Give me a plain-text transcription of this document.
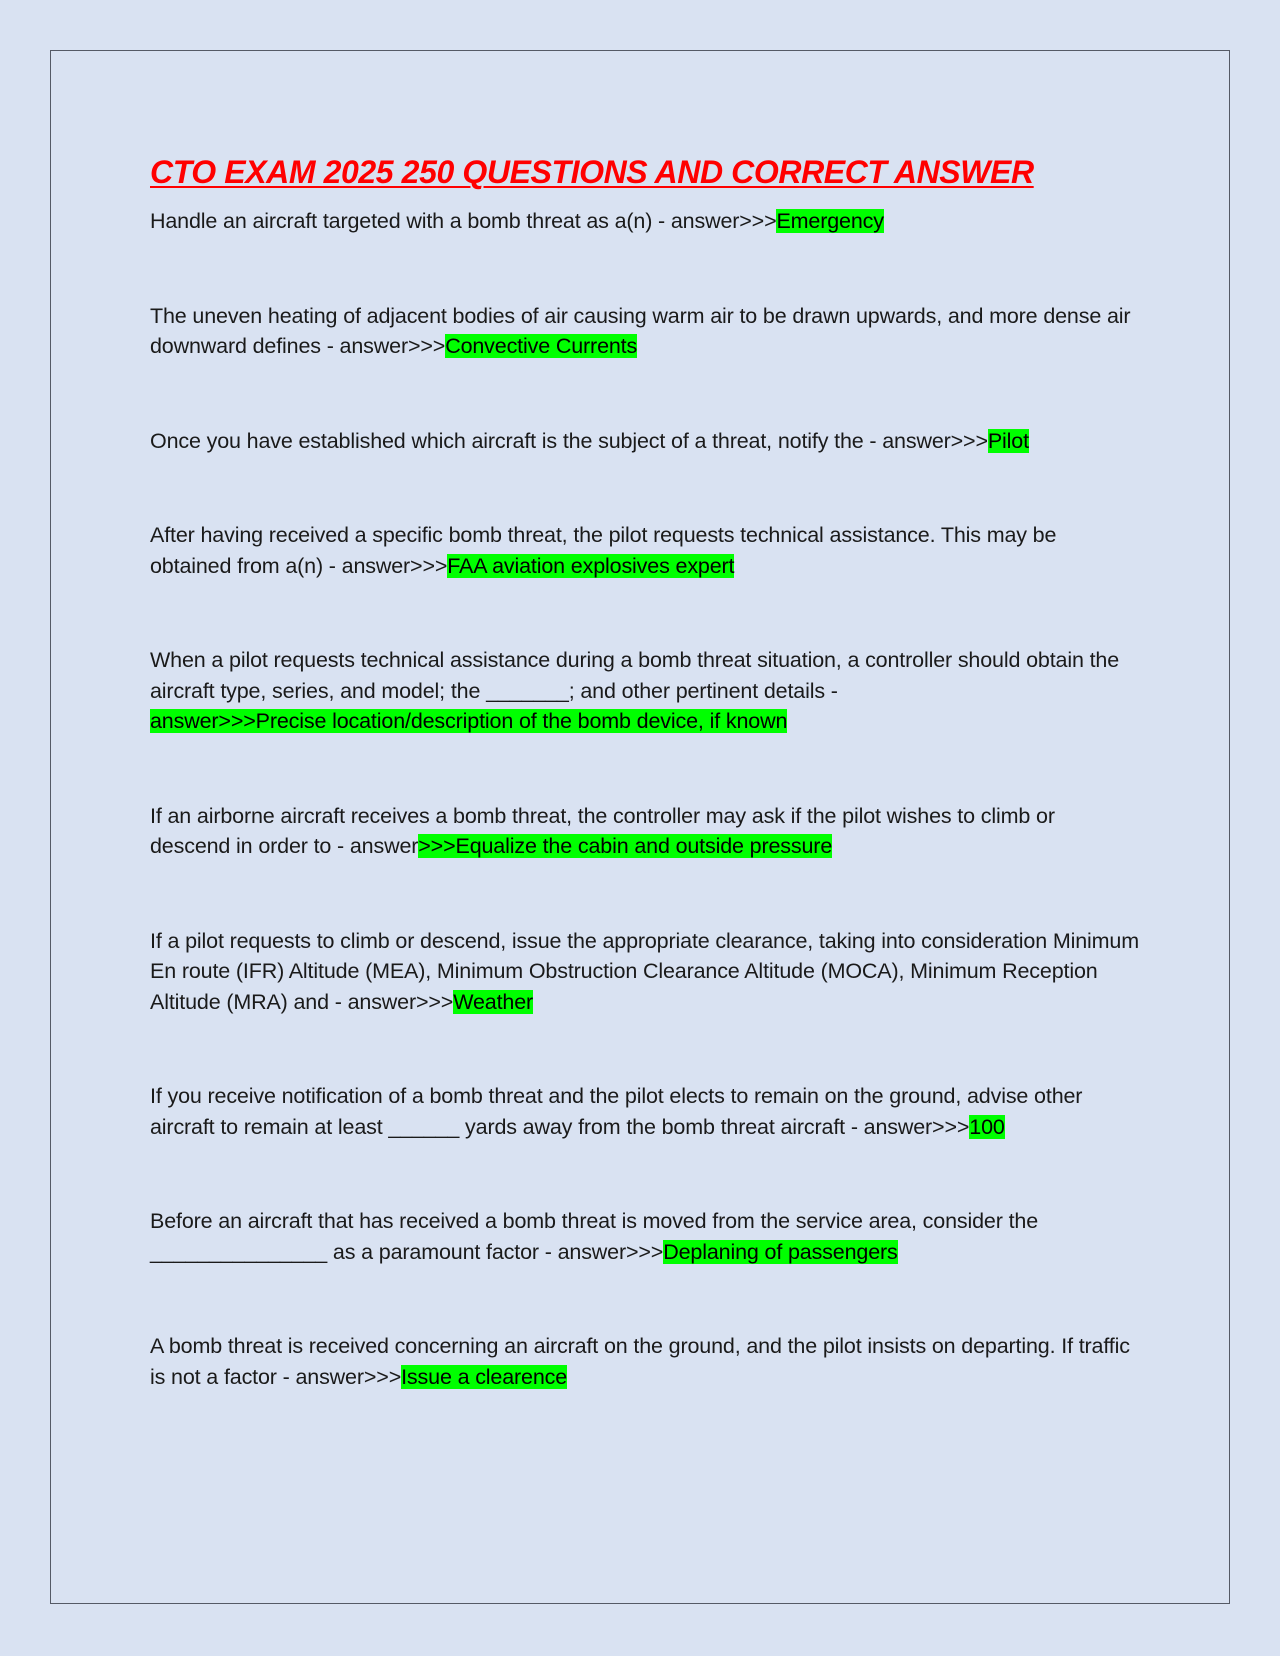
CTO EXAM 2025 250 QUESTIONS AND CORRECT ANSWER

Handle an aircraft targeted with a bomb threat as a(n) - answer>>>Emergency

The uneven heating of adjacent bodies of air causing warm air to be drawn upwards, and more dense air downward defines - answer>>>Convective Currents

Once you have established which aircraft is the subject of a threat, notify the - answer>>>Pilot

After having received a specific bomb threat, the pilot requests technical assistance. This may be obtained from a(n) - answer>>>FAA aviation explosives expert

When a pilot requests technical assistance during a bomb threat situation, a controller should obtain the aircraft type, series, and model; the _______; and other pertinent details -
answer>>>Precise location/description of the bomb device, if known

If an airborne aircraft receives a bomb threat, the controller may ask if the pilot wishes to climb or descend in order to - answer>>>Equalize the cabin and outside pressure

If a pilot requests to climb or descend, issue the appropriate clearance, taking into consideration Minimum En route (IFR) Altitude (MEA), Minimum Obstruction Clearance Altitude (MOCA), Minimum Reception Altitude (MRA) and - answer>>>Weather

If you receive notification of a bomb threat and the pilot elects to remain on the ground, advise other aircraft to remain at least ______ yards away from the bomb threat aircraft - answer>>>100

Before an aircraft that has received a bomb threat is moved from the service area, consider the _______________ as a paramount factor - answer>>>Deplaning of passengers

A bomb threat is received concerning an aircraft on the ground, and the pilot insists on departing. If traffic is not a factor - answer>>>Issue a clearence
